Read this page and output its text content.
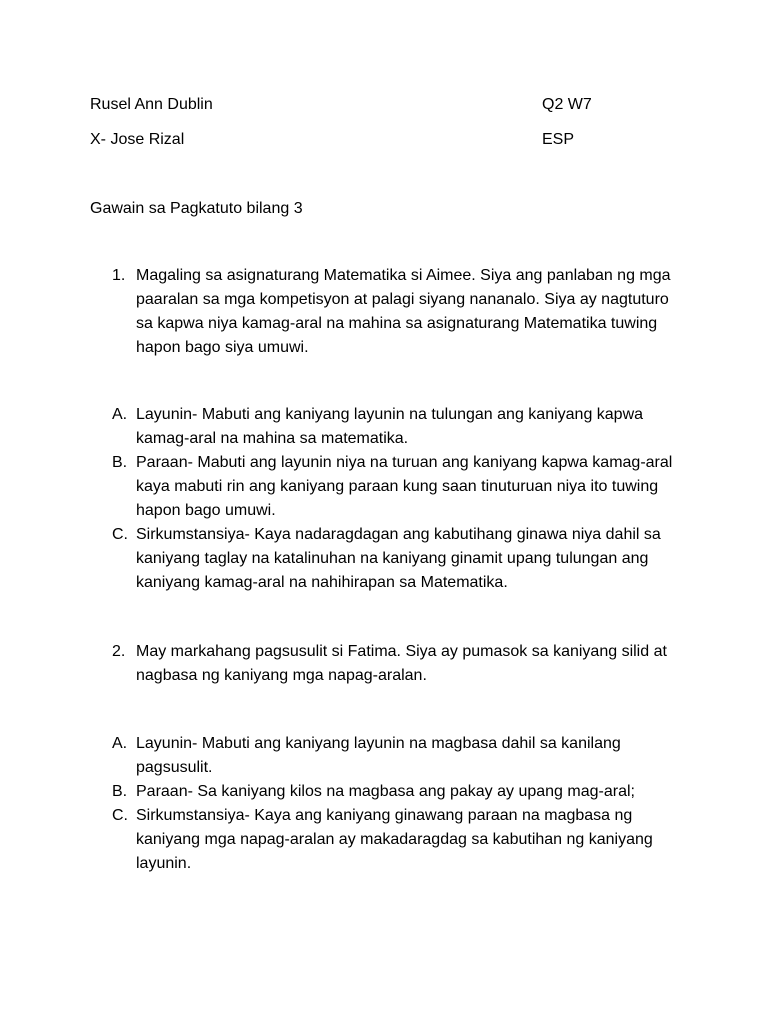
Rusel Ann Dublin	Q2 W7
X- Jose Rizal	ESP
Gawain sa Pagkatuto bilang 3
1. Magaling sa asignaturang Matematika si Aimee. Siya ang panlaban ng mga paaralan sa mga kompetisyon at palagi siyang nananalo. Siya ay nagtuturo sa kapwa niya kamag-aral na mahina sa asignaturang Matematika tuwing hapon bago siya umuwi.
A. Layunin- Mabuti ang kaniyang layunin na tulungan ang kaniyang kapwa kamag-aral na mahina sa matematika.
B. Paraan- Mabuti ang layunin niya na turuan ang kaniyang kapwa kamag-aral kaya mabuti rin ang kaniyang paraan kung saan tinuturuan niya ito tuwing hapon bago umuwi.
C. Sirkumstansiya- Kaya nadaragdagan ang kabutihang ginawa niya dahil sa kaniyang taglay na katalinuhan na kaniyang ginamit upang tulungan ang kaniyang kamag-aral na nahihirapan sa Matematika.
2. May markahang pagsusulit si Fatima. Siya ay pumasok sa kaniyang silid at nagbasa ng kaniyang mga napag-aralan.
A. Layunin- Mabuti ang kaniyang layunin na magbasa dahil sa kanilang pagsusulit.
B. Paraan- Sa kaniyang kilos na magbasa ang pakay ay upang mag-aral;
C. Sirkumstansiya- Kaya ang kaniyang ginawang paraan na magbasa ng kaniyang mga napag-aralan ay makadaragdag sa kabutihan ng kaniyang layunin.
